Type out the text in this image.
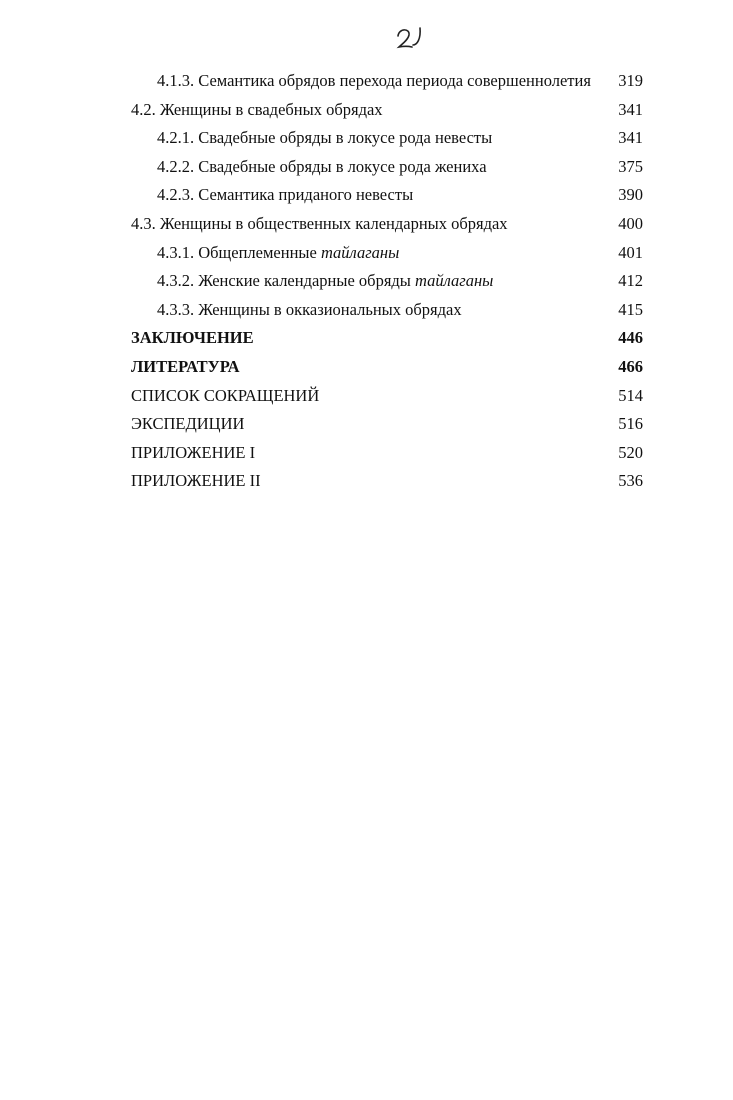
4.1.3. Семантика обрядов перехода периода совершеннолетия	319
4.2. Женщины в свадебных обрядах	341
4.2.1. Свадебные обряды в локусе рода невесты	341
4.2.2. Свадебные обряды в локусе рода жениха	375
4.2.3. Семантика приданого невесты	390
4.3. Женщины в общественных календарных обрядах	400
4.3.1. Общеплеменные тайлаганы	401
4.3.2. Женские календарные обряды тайлаганы	412
4.3.3. Женщины в окказиональных обрядах	415
ЗАКЛЮЧЕНИЕ	446
ЛИТЕРАТУРА	466
СПИСОК СОКРАЩЕНИЙ	514
ЭКСПЕДИЦИИ	516
ПРИЛОЖЕНИЕ I	520
ПРИЛОЖЕНИЕ II	536
